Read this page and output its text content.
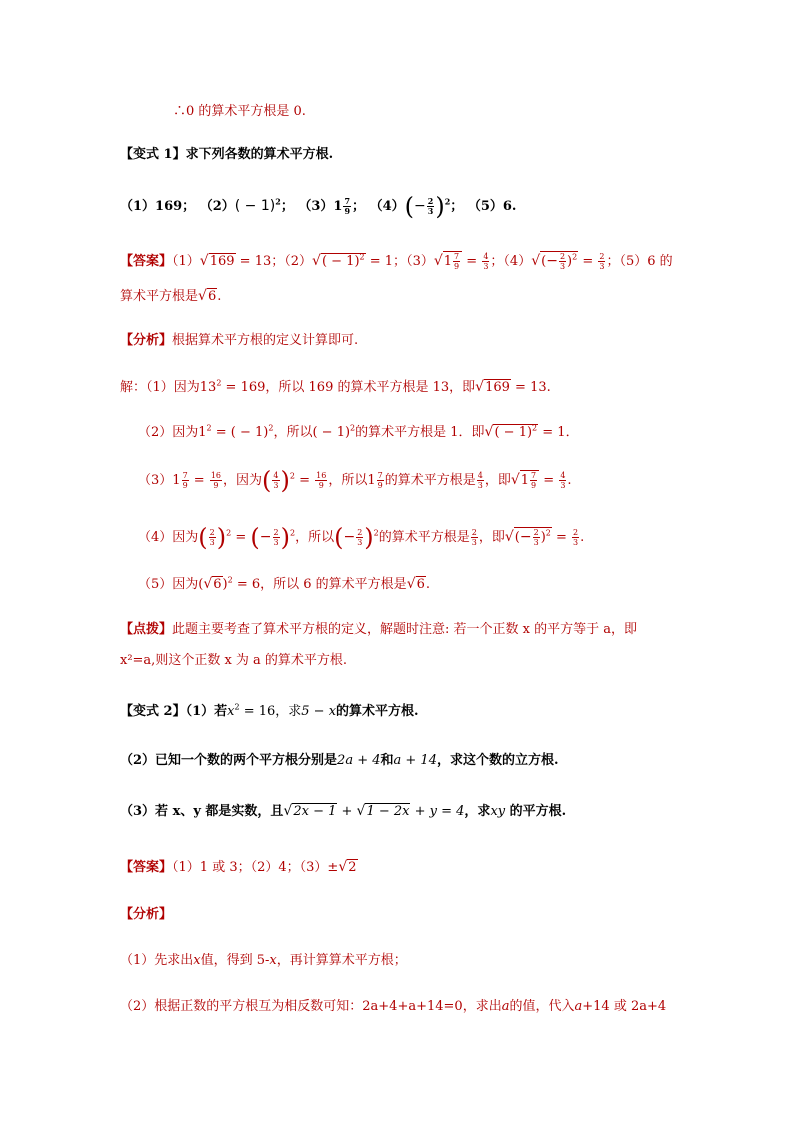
∴0 的算术平方根是 0.
【变式 1】求下列各数的算术平方根.
（1）169； $(2)( - 1)^2$； $(3)1 \frac{7}{9}$ ； $(4)(- \frac{2}{3} )^2$； （5）6.
【答案】（1）√169 = 13；$(2)√( - 1)^2 = 1$；$(3)√1 \frac{7}{9} = \frac{4}{3}$ ；$(4)√(- \frac{2}{3} )^2 = \frac{2}{3}$ ；（5）6 的
算术平方根是√6.
【分析】根据算术平方根的定义计算即可.
解：（1）因为$13^2 = 169$，所以 169 的算术平方根是 13，即√169 = 13.
（2）因为$1^2$ = ( − 1)$^2$，所以( − 1)$^2$的算术平方根是 1．即√( − 1)$^2$ = 1．
$(3)1 \frac{7}{9} = \frac{16}{9}$ ，因为( $\frac{4}{3} )^2 = \frac{16}{9}$ ，所以$1 \frac{7}{9}$ 的算术平方根是 $\frac{4}{3}$ ，即$√1 \frac{7}{9} = \frac{4}{3}$ .
（4）因为( $\frac{2}{3} )^2$ = (− $\frac{2}{3} )^2$，所以(− $\frac{2}{3} )^2$的算术平方根是 $\frac{2}{3}$ ，即√(− $\frac{2}{3} )^2 = \frac{2}{3}$ .
（5）因为$(√6)^2 = 6$，所以 6 的算术平方根是√6.
【点拨】此题主要考查了算术平方根的定义，解题时注意: 若一个正数 x 的平方等于 a，即
x²=a,则这个正数 x 为 a 的算术平方根.
【变式 2】（1）若$x^2 = 16$，求5 − x的算术平方根.
（2）已知一个数的两个平方根分别是2a + 4和a + 14，求这个数的立方根.
（3）若 x、y 都是实数，且√2x − 1 + √1 − 2x + y = 4，求xy 的平方根.
【答案】（1）1 或 3；（2）4；（3）±√2
【分析】
（1）先求出x值，得到 5-x，再计算算术平方根；
（2）根据正数的平方根互为相反数可知：2a+4+a+14=0，求出a的值，代入a+14 或 2a+4
